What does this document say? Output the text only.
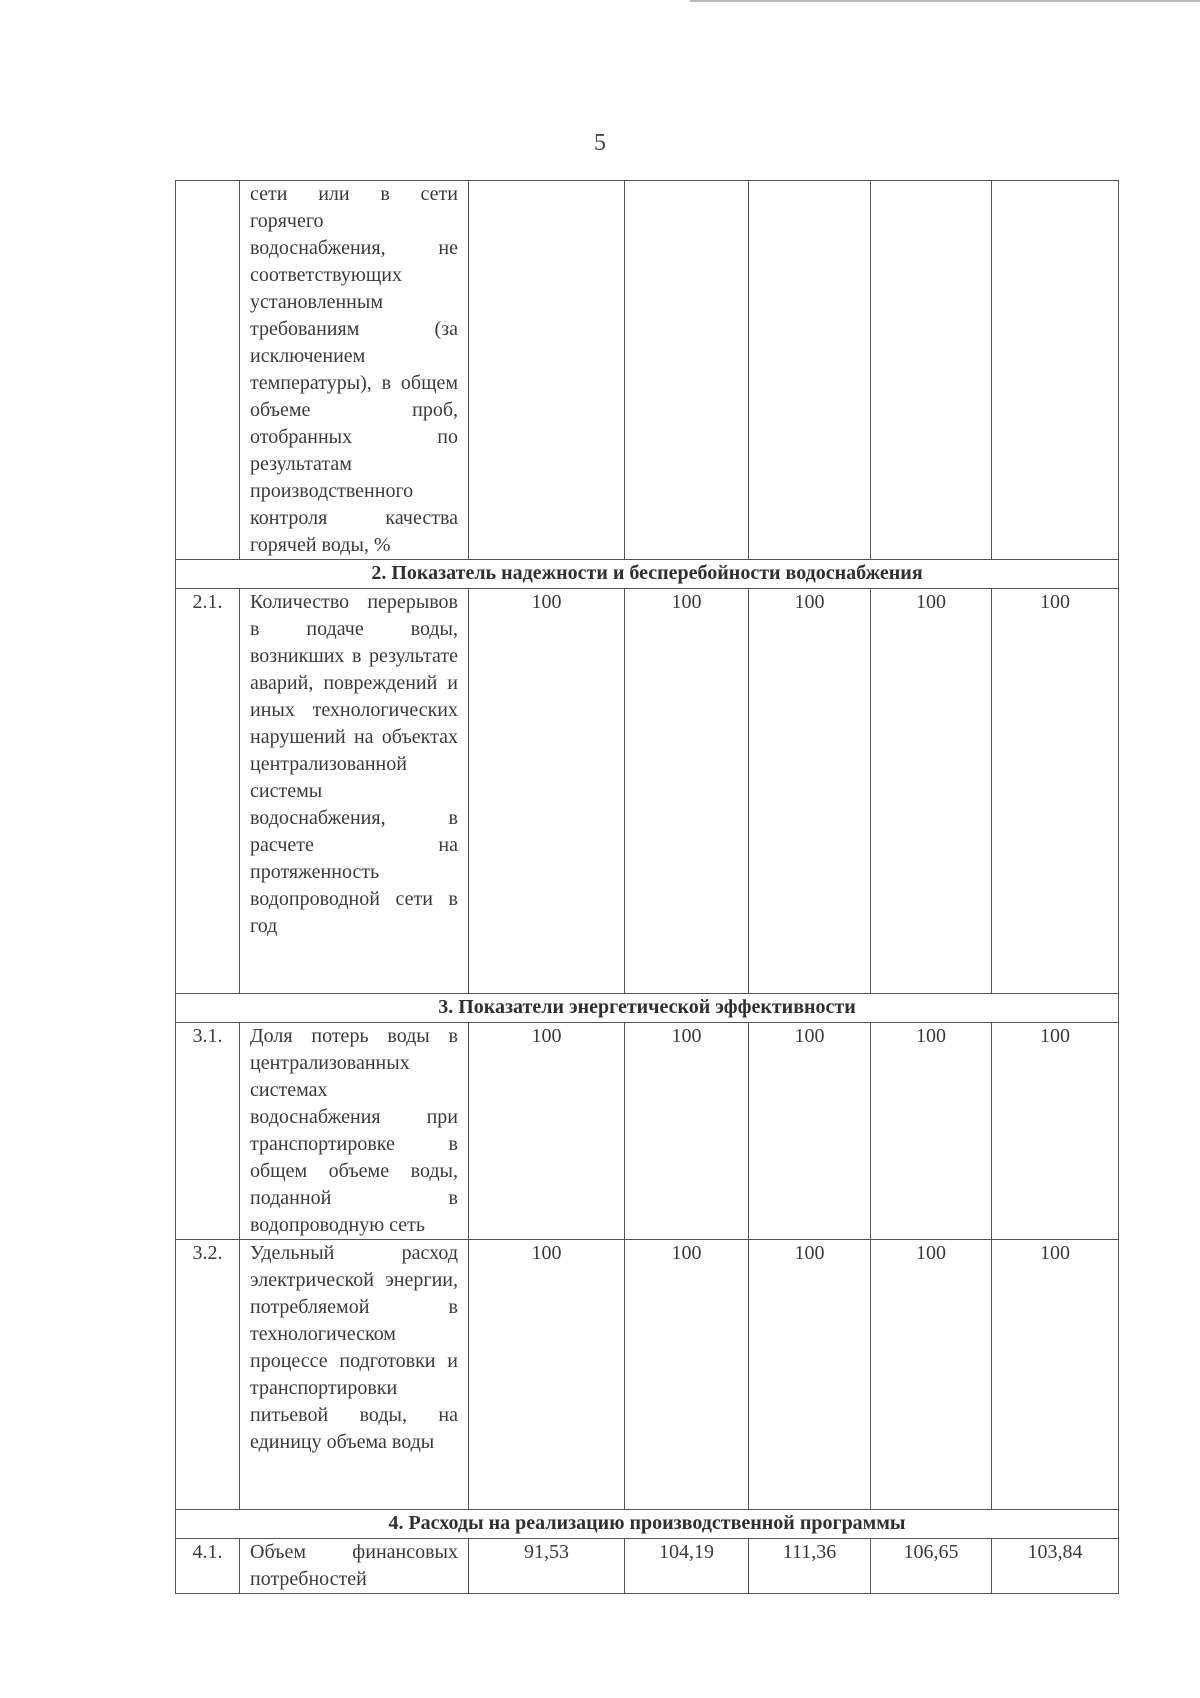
5
	сети или в сети горячего водоснабжения, не соответствующих установленным требованиям (за исключением температуры), в общем объеме проб, отобранных по результатам производственного контроля качества горячей воды, %					
2. Показатель надежности и бесперебойности водоснабжения						
2.1.	Количество перерывов в подаче воды, возникших в результате аварий, повреждений и иных технологических нарушений на объектах централизованной системы водоснабжения, в расчете на протяженность водопроводной сети в год	100	100	100	100	100
3. Показатели энергетической эффективности						
3.1.	Доля потерь воды в централизованных системах водоснабжения при транспортировке в общем объеме воды, поданной в водопроводную сеть	100	100	100	100	100
3.2.	Удельный расход электрической энергии, потребляемой в технологическом процессе подготовки и транспортировки питьевой воды, на единицу объема воды	100	100	100	100	100
4. Расходы на реализацию производственной программы						
4.1.	Объем финансовых потребностей	91,53	104,19	111,36	106,65	103,84
